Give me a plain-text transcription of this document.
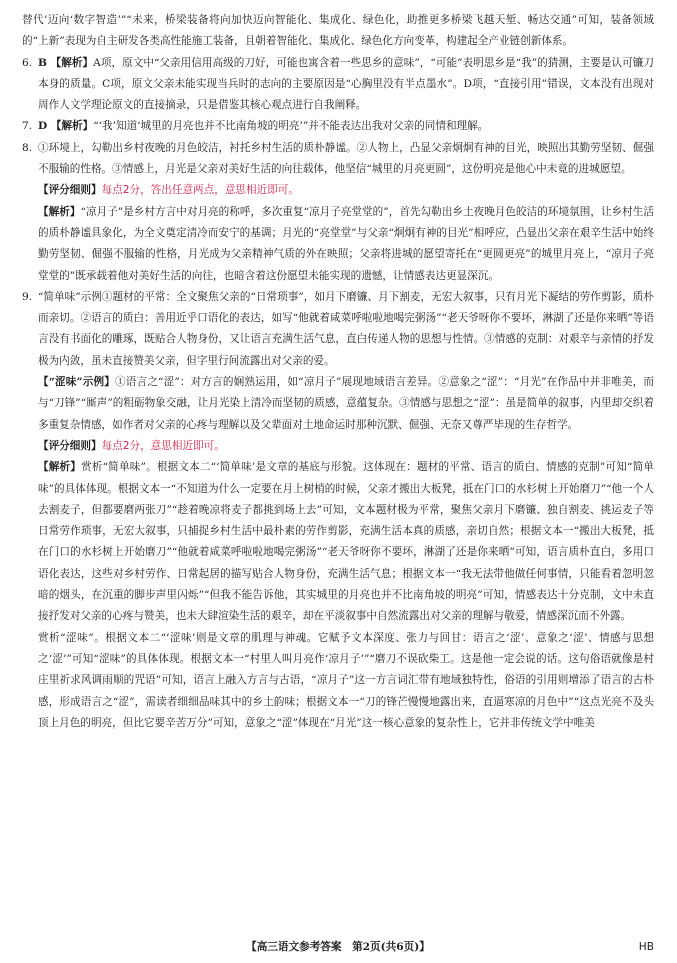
替代’迈向‘数字智造’”“未来，桥梁装备将向加快迈向智能化、集成化、绿色化，助推更多桥梁飞越天堑、畅达交通”可知，装备领域的“上新”表现为自主研发各类高性能施工装备，且朝着智能化、集成化、绿色化方向变革，构建起全产业链创新体系。

6. B 【解析】A项，原文中“父亲用信用高级的刀好，可能也寓含着一些思乡的意味”，“可能”表明思乡是“我”的猜测，主要是认可镰刀本身的质量。C项，原文父亲未能实现当兵时的志向的主要原因是“心胸里没有半点墨水”。D项，“直接引用”错误，文本没有出现对周作人文学理论原文的直接摘录，只是借鉴其核心观点进行自我阐释。

7. D 【解析】“‘我’知道‘城里的月亮也并不比南角坡的明亮’”并不能表达出我对父亲的同情和理解。

8. ①环境上，勾勒出乡村夜晚的月色皎洁，衬托乡村生活的质朴静谧。②人物上，凸显父亲炯炯有神的目光，映照出其勤劳坚韧、倔强不服输的性格。③情感上，月光是父亲对美好生活的向往载体，他坚信“城里的月亮更圆”，这份明亮是他心中未竟的进城愿望。

【评分细则】每点2分，答出任意两点，意思相近即可。

【解析】“凉月子”是乡村方言中对月亮的称呼，多次重复“凉月子亮堂堂的”，首先勾勒出乡土夜晚月色皎洁的环境氛围，让乡村生活的质朴静谧具象化，为全文奠定清冷而安宁的基调；月光的“亮堂堂”与父亲“炯炯有神的目光”相呼应，凸显出父亲在艰辛生活中始终勤劳坚韧、倔强不服输的性格，月光成为父亲精神气质的外在映照；父亲将进城的愿望寄托在“更圆更亮”的城里月亮上，“凉月子亮堂堂的”既承载着他对美好生活的向往，也暗含着这份愿望未能实现的遗憾，让情感表达更显深沉。

9. “简单味”示例①题材的平常：全文聚焦父亲的“日常琐事”，如月下磨镰、月下割麦，无宏大叙事，只有月光下凝结的劳作剪影，质朴而亲切。②语言的质白：善用近乎口语化的表达，如写“他就着咸菜呼啦啦地喝完粥汤”“老天爷呀你不要坏，淋湖了还是你来晒”等语言没有书面化的雕琢，既贴合人物身份，又让语言充满生活气息，直白传递人物的思想与性情。③情感的克制：对艰辛与亲情的抒发极为内敛，虽未直接赞美父亲，但字里行间流露出对父亲的爱。

【“涩味”示例】①语言之“涩”：对方言的娴熟运用，如“凉月子”展现地域语言差异。②意象之“涩”：“月光”在作品中并非唯美，而与“刀锋”“厮声”的粗砺物象交融，让月光染上清冷而坚韧的质感，意蕴复杂。③情感与思想之“涩”：虽是简单的叙事，内里却交织着多重复杂情感，如作者对父亲的心疼与理解以及父辈面对土地命运时那种沉默、倔强、无奈又尊严毕现的生存哲学。

【评分细则】每点2分，意思相近即可。

【解析】赏析“简单味”。根据文本二“‘简单味’是文章的基底与形貌。这体现在：题材的平常、语言的质白、情感的克制”可知“简单味”的具体体现。根据文本一“不知道为什么一定要在月上树梢的时候，父亲才搬出大板凳，抵在门口的水杉树上开始磨刀”“他一个人去割麦子，但都要磨两张刀”“趁着晚凉将麦子都挑到场上去”可知，文本题材极为平常，聚焦父亲月下磨镰、独自割麦、挑运麦子等日常劳作琐事，无宏大叙事，只捕捉乡村生活中最朴素的劳作剪影，充满生活本真的质感，亲切自然；根据文本一“搬出大板凳，抵在门口的水杉树上开始磨刀”“他就着咸菜呼啦啦地喝完粥汤”“老天爷呀你不要坏，淋湖了还是你来晒”可知，语言质朴直白，多用口语化表达，这些对乡村劳作、日常起居的描写贴合人物身份，充满生活气息；根据文本一“我无法带他做任何事情，只能看着忽明忽暗的烟头，在沉重的脚步声里闪烁”“但我不能告诉他，其实城里的月亮也并不比南角坡的明亮”可知，情感表达十分克制，文中未直接抒发对父亲的心疼与赞美，也未大肆渲染生活的艰辛，却在平淡叙事中自然流露出对父亲的理解与敬爱，情感深沉而不外露。

赏析“涩味”。根据文本二“‘涩味’则是文章的肌理与神魂。它赋予文本深度、张力与回甘：语言之‘涩’、意象之‘涩’、情感与思想之‘涩’”可知“涩味”的具体体现。根据文本一“村里人叫月亮作‘凉月子’”“磨刀不误砍柴工。这是他一定会说的话。这句俗语就像是村庄里祈求风调雨顺的咒语”可知，语言上融入方言与古语，“凉月子”这一方言词汇带有地域独特性，俗语的引用则增添了语言的古朴感，形成语言之“涩”，需读者细细品味其中的乡土韵味；根据文本一“刀的锋芒慢慢地露出来，直逼寒凉的月色中”“这点光亮不及头顶上月色的明亮，但比它要辛苦万分”可知，意象之“涩”体现在“月光”这一核心意象的复杂性上，它并非传统文学中唯美

【高三语文参考答案　第2页(共6页)】	HB
